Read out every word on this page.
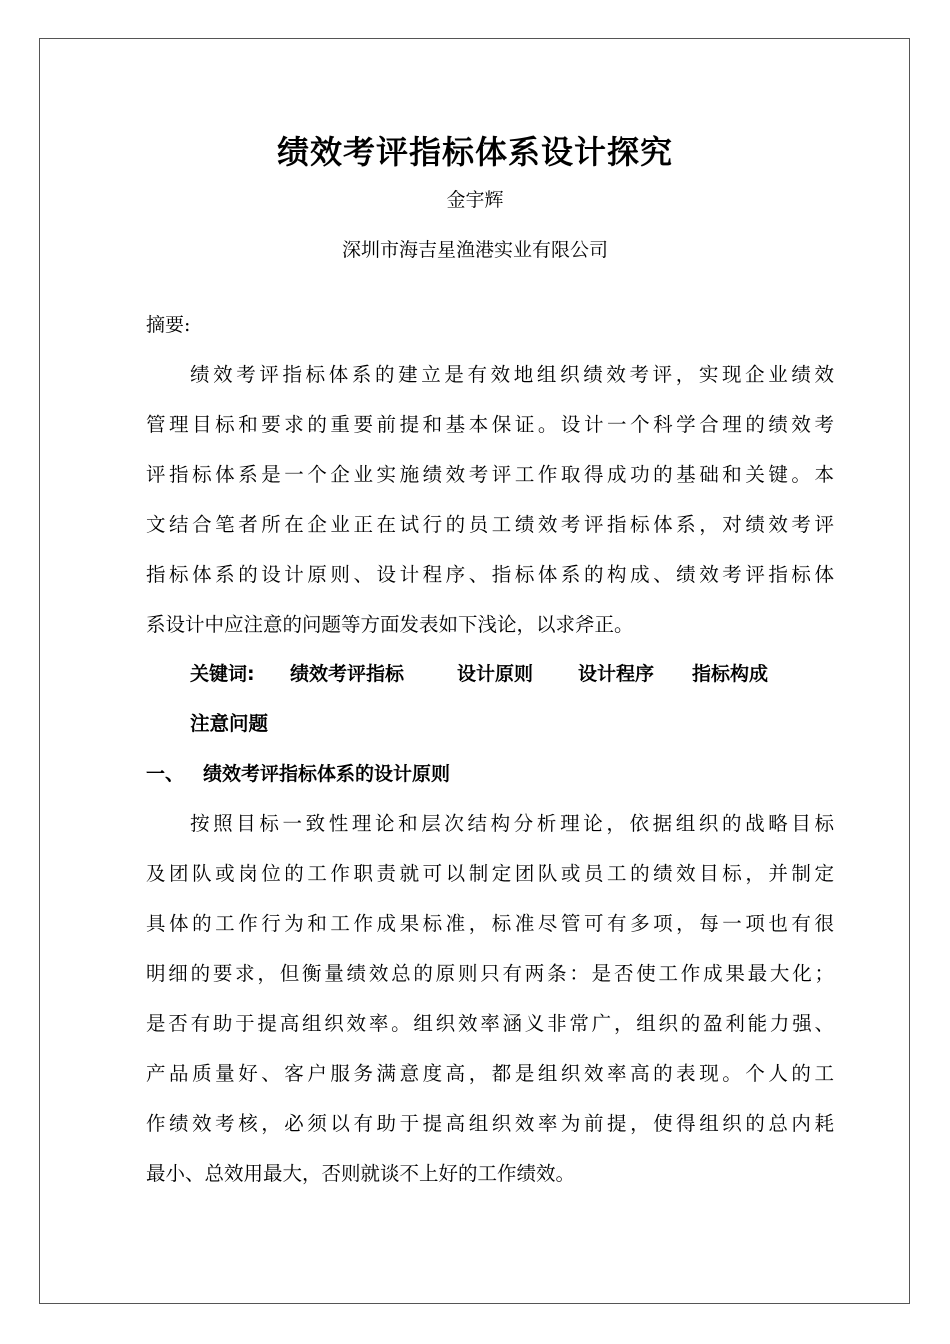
绩效考评指标体系设计探究
金宇辉
深圳市海吉星渔港实业有限公司
摘要:
绩效考评指标体系的建立是有效地组织绩效考评，实现企业绩效
管理目标和要求的重要前提和基本保证。设计一个科学合理的绩效考
评指标体系是一个企业实施绩效考评工作取得成功的基础和关键。本
文结合笔者所在企业正在试行的员工绩效考评指标体系，对绩效考评
指标体系的设计原则、设计程序、指标体系的构成、绩效考评指标体
系设计中应注意的问题等方面发表如下浅论，以求斧正。
关键词: 绩效考评指标	设计原则 设计程序 指标构成
注意问题
一、 绩效考评指标体系的设计原则
按照目标一致性理论和层次结构分析理论，依据组织的战略目标
及团队或岗位的工作职责就可以制定团队或员工的绩效目标，并制定
具体的工作行为和工作成果标准，标准尽管可有多项，每一项也有很
明细的要求，但衡量绩效总的原则只有两条：是否使工作成果最大化；
是否有助于提高组织效率。组织效率涵义非常广，组织的盈利能力强、
产品质量好、客户服务满意度高，都是组织效率高的表现。个人的工
作绩效考核，必须以有助于提高组织效率为前提，使得组织的总内耗
最小、总效用最大，否则就谈不上好的工作绩效。
